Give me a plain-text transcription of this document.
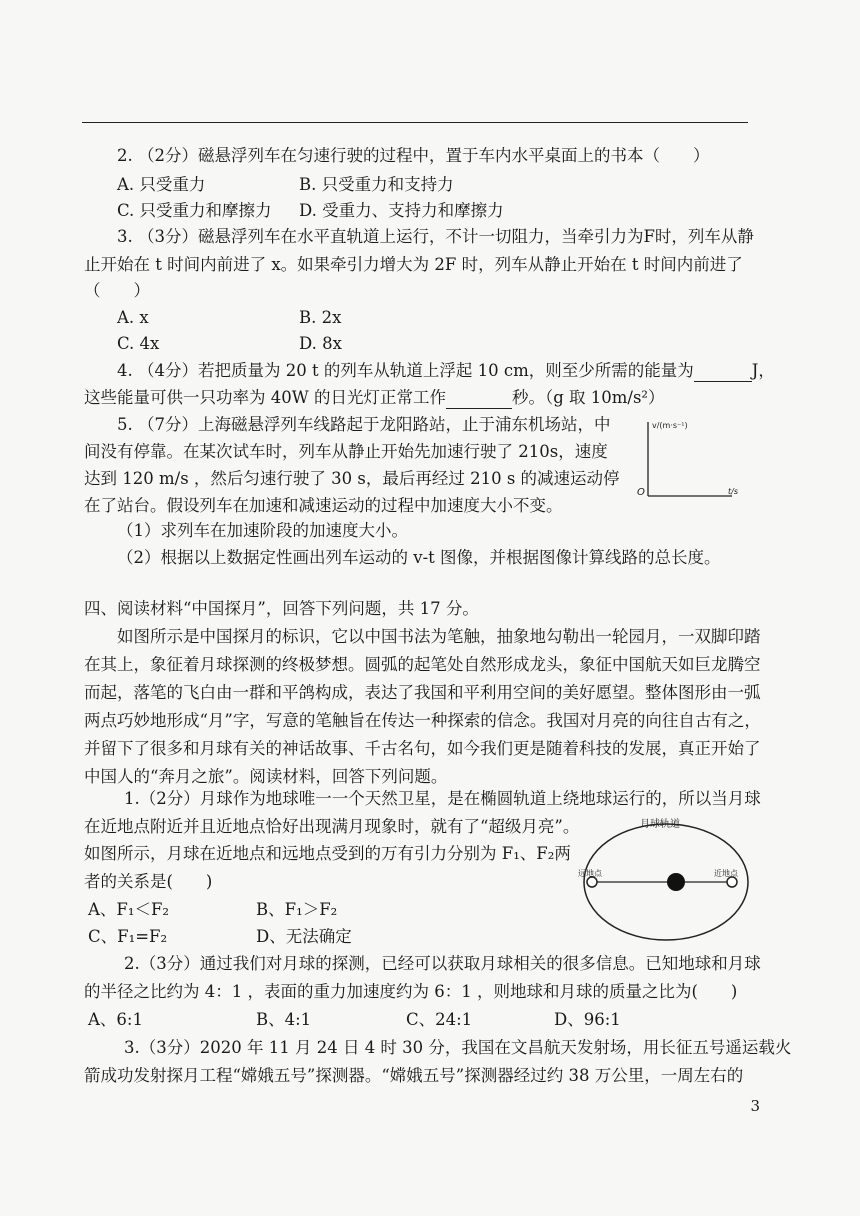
2. （2分）磁悬浮列车在匀速行驶的过程中，置于车内水平桌面上的书本（　　）
A. 只受重力	B. 只受重力和支持力
C. 只受重力和摩擦力 D. 受重力、支持力和摩擦力
3. （3分）磁悬浮列车在水平直轨道上运行，不计一切阻力，当牵引力为F时，列车从静
止开始在 t 时间内前进了 x。如果牵引力增大为 2F 时，列车从静止开始在 t 时间内前进了
（　　）
A. x	B. 2x
C. 4x	D. 8x
4. （4分）若把质量为 20 t 的列车从轨道上浮起 10 cm，则至少所需的能量为	J，
这些能量可供一只功率为 40W 的日光灯正常工作	秒。（g 取 10m/s²）
5. （7分）上海磁悬浮列车线路起于龙阳路站，止于浦东机场站，中
间没有停靠。在某次试车时，列车从静止开始先加速行驶了 210s，速度
达到 120 m/s ，然后匀速行驶了 30 s，最后再经过 210 s 的减速运动停
在了站台。假设列车在加速和减速运动的过程中加速度大小不变。
（1）求列车在加速阶段的加速度大小。
（2）根据以上数据定性画出列车运动的 v-t 图像，并根据图像计算线路的总长度。
v/(m·s⁻¹)
O	t/s
四、阅读材料“中国探月”，回答下列问题，共 17 分。
如图所示是中国探月的标识，它以中国书法为笔触，抽象地勾勒出一轮园月，一双脚印踏
在其上，象征着月球探测的终极梦想。圆弧的起笔处自然形成龙头，象征中国航天如巨龙腾空
而起，落笔的飞白由一群和平鸽构成，表达了我国和平利用空间的美好愿望。整体图形由一弧
两点巧妙地形成“月”字，写意的笔触旨在传达一种探索的信念。我国对月亮的向往自古有之，
并留下了很多和月球有关的神话故事、千古名句，如今我们更是随着科技的发展，真正开始了
中国人的“奔月之旅”。阅读材料，回答下列问题。
1.（2分）月球作为地球唯一一个天然卫星，是在椭圆轨道上绕地球运行的，所以当月球
在近地点附近并且近地点恰好出现满月现象时，就有了“超级月亮”。
如图所示，月球在近地点和远地点受到的万有引力分别为 F₁、F₂两
者的关系是(　　)
A、F₁＜F₂	B、F₁＞F₂
C、F₁=F₂	D、无法确定
月球轨道
远地点	近地点
2.（3分）通过我们对月球的探测，已经可以获取月球相关的很多信息。已知地球和月球
的半径之比约为 4：1 ，表面的重力加速度约为 6：1 ，则地球和月球的质量之比为(　　)
A、6:1	B、4:1	C、24:1	D、96:1
3.（3分）2020 年 11 月 24 日 4 时 30 分，我国在文昌航天发射场，用长征五号遥运载火
箭成功发射探月工程“嫦娥五号”探测器。“嫦娥五号”探测器经过约 38 万公里，一周左右的
3
